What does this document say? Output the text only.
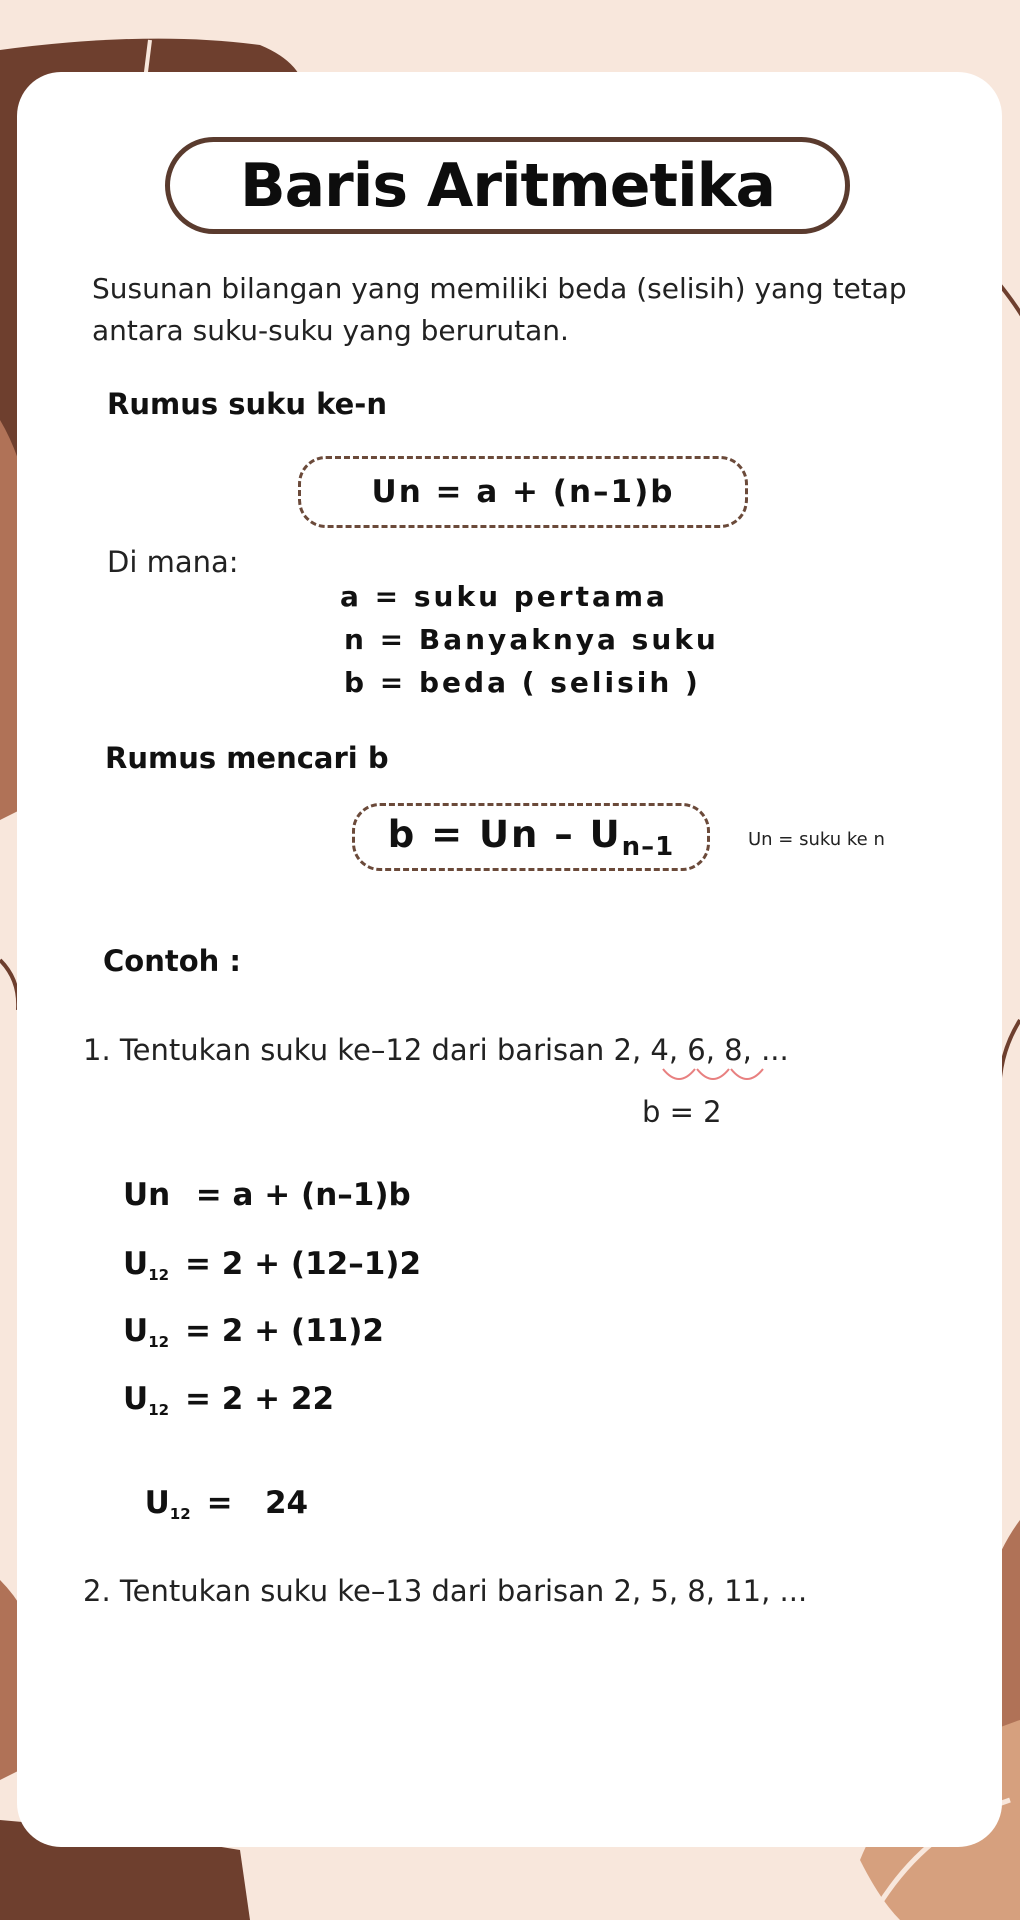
Baris Aritmetika
Susunan bilangan yang memiliki beda (selisih) yang tetap
antara suku-suku yang berurutan.
Rumus suku ke-n
Un = a + (n–1)b
Di mana:
a = suku pertama
n = Banyaknya suku
b = beda ( selisih )
Rumus mencari b
$b = Un - U_{n-1}$	Un = suku ke n
Contoh :
1. Tentukan suku ke–12 dari barisan 2, 4, 6, 8, ...
b = 2
Un = a + (n–1)b
$U_{12} = 2 + (12-1)2$
$U_{12} = 2 + (11)2$
$U_{12} = 2 + 22$

$U_{12} = 24$

2. Tentukan suku ke–13 dari barisan 2, 5, 8, 11, ...
